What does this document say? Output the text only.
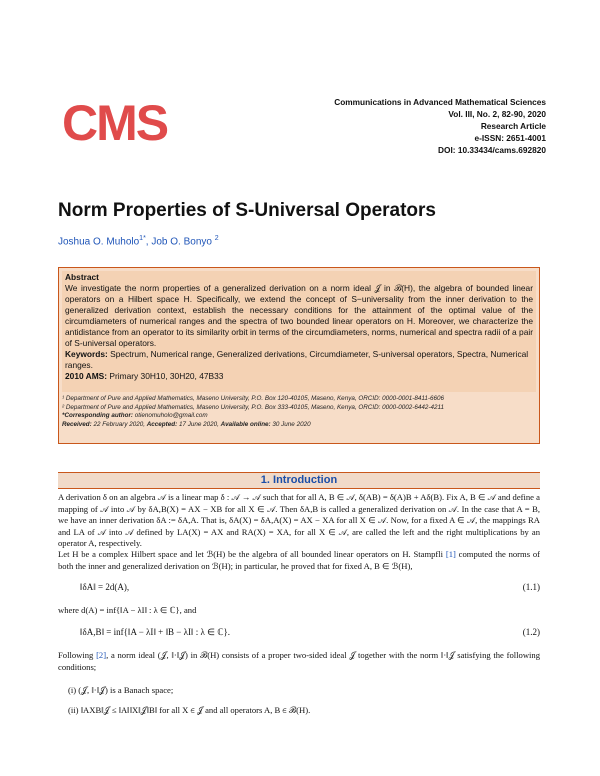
CMS	Communications in Advanced Mathematical Sciences
Vol. III, No. 2, 82-90, 2020
Research Article
e-ISSN: 2651-4001
DOI: 10.33434/cams.692820
Norm Properties of S-Universal Operators
Joshua O. Muholo$^{1*}$, Job O. Bonyo $^2$
Abstract
We investigate the norm properties of a generalized derivation on a norm ideal 𝒥 in ℬ(H), the algebra of bounded linear operators on a Hilbert space H. Specifically, we extend the concept of S−universality from the inner derivation to the generalized derivation context, establish the necessary conditions for the attainment of the optimal value of the circumdiameters of numerical ranges and the spectra of two bounded linear operators on H. Moreover, we characterize the antidistance from an operator to its similarity orbit in terms of the circumdiameters, norms, numerical and spectra radii of a pair of S-universal operators.
Keywords: Spectrum, Numerical range, Generalized derivations, Circumdiameter, S-universal operators, Spectra, Numerical ranges.
2010 AMS: Primary 30H10, 30H20, 47B33
¹ Department of Pure and Applied Mathematics, Maseno University, P.O. Box 120-40105, Maseno, Kenya, ORCID: 0000-0001-8411-6606
² Department of Pure and Applied Mathematics, Maseno University, P.O. Box 333-40105, Maseno, Kenya, ORCID: 0000-0002-6442-4211
*Corresponding author: otienomuholo@gmail.com
Received: 22 February 2020, Accepted: 17 June 2020, Available online: 30 June 2020
1. Introduction
A derivation δ on an algebra 𝒜 is a linear map δ : 𝒜 → 𝒜 such that for all A, B ∈ 𝒜, δ(AB) = δ(A)B + Aδ(B). Fix A, B ∈ 𝒜 and define a mapping of 𝒜 into 𝒜 by δA,B(X) = AX − XB for all X ∈ 𝒜. Then δA,B is called a generalized derivation on 𝒜. In the case that A = B, we have an inner derivation δA := δA,A. That is, δA(X) = δA,A(X) = AX − XA for all X ∈ 𝒜. Now, for a fixed A ∈ 𝒜, the mappings RA and LA of 𝒜 into 𝒜 defined by LA(X) = AX and RA(X) = XA, for all X ∈ 𝒜, are called the left and the right multiplications by an operator A, respectively.
Let H be a complex Hilbert space and let ℬ(H) be the algebra of all bounded linear operators on H. Stampfli [1] computed the norms of both the inner and generalized derivation on ℬ(H); in particular, he proved that for fixed A, B ∈ ℬ(H),
‖δA‖ = 2d(A),	(1.1)
where d(A) = inf{‖A − λI‖ : λ ∈ ℂ}, and
‖δA,B‖ = inf{‖A − λI‖ + ‖B − λI‖ : λ ∈ ℂ}.	(1.2)
Following [2], a norm ideal (𝒥, ‖·‖𝒥) in ℬ(H) consists of a proper two-sided ideal 𝒥 together with the norm ‖·‖𝒥 satisfying the following conditions;
(i) (𝒥, ‖·‖𝒥) is a Banach space;
(ii) ‖AXB‖𝒥 ≤ ‖A‖‖X‖𝒥‖B‖ for all X ∈ 𝒥 and all operators A, B ∈ ℬ(H).
